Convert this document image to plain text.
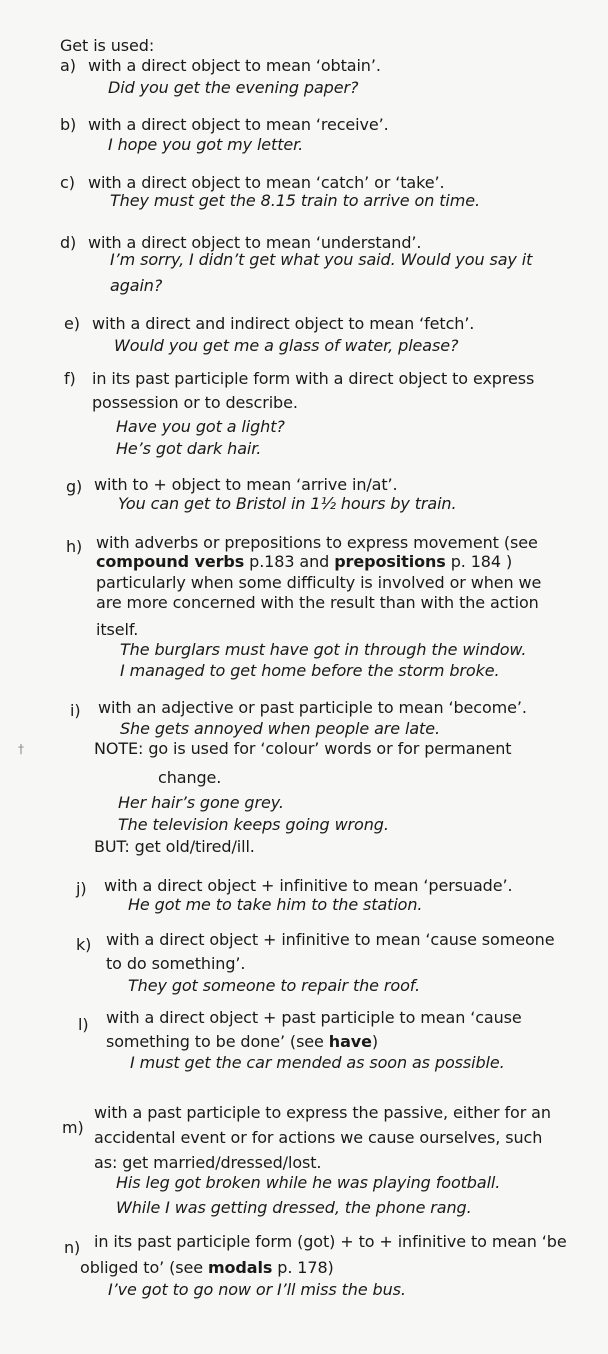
Get is used:
a) with a direct object to mean ‘obtain’.
Did you get the evening paper?
b) with a direct object to mean ‘receive’.
I hope you got my letter.
c) with a direct object to mean ‘catch’ or ‘take’.
They must get the 8.15 train to arrive on time.
d) with a direct object to mean ‘understand’.
I’m sorry, I didn’t get what you said. Would you say it
again?
e) with a direct and indirect object to mean ‘fetch’.
Would you get me a glass of water, please?
f) in its past participle form with a direct object to express
possession or to describe.
Have you got a light?
He’s got dark hair.
g) with to + object to mean ‘arrive in/at’.
You can get to Bristol in 1½ hours by train.
h) with adverbs or prepositions to express movement (see
compound verbs p.183 and prepositions p. 184 )
particularly when some difficulty is involved or when we
are more concerned with the result than with the action
itself.
The burglars must have got in through the window.
I managed to get home before the storm broke.
i) with an adjective or past participle to mean ‘become’.
She gets annoyed when people are late.
†	NOTE: go is used for ‘colour’ words or for permanent
change.
Her hair’s gone grey.
The television keeps going wrong.
BUT: get old/tired/ill.
j) with a direct object + infinitive to mean ‘persuade’.
He got me to take him to the station.
k) with a direct object + infinitive to mean ‘cause someone
to do something’.
They got someone to repair the roof.
l) with a direct object + past participle to mean ‘cause
something to be done’ (see have)
I must get the car mended as soon as possible.
m)
with a past participle to express the passive, either for an
accidental event or for actions we cause ourselves, such
as: get married/dressed/lost.
His leg got broken while he was playing football.
While I was getting dressed, the phone rang.
n) in its past participle form (got) + to + infinitive to mean ‘be
obliged to’ (see modals p. 178)
I’ve got to go now or I’ll miss the bus.
